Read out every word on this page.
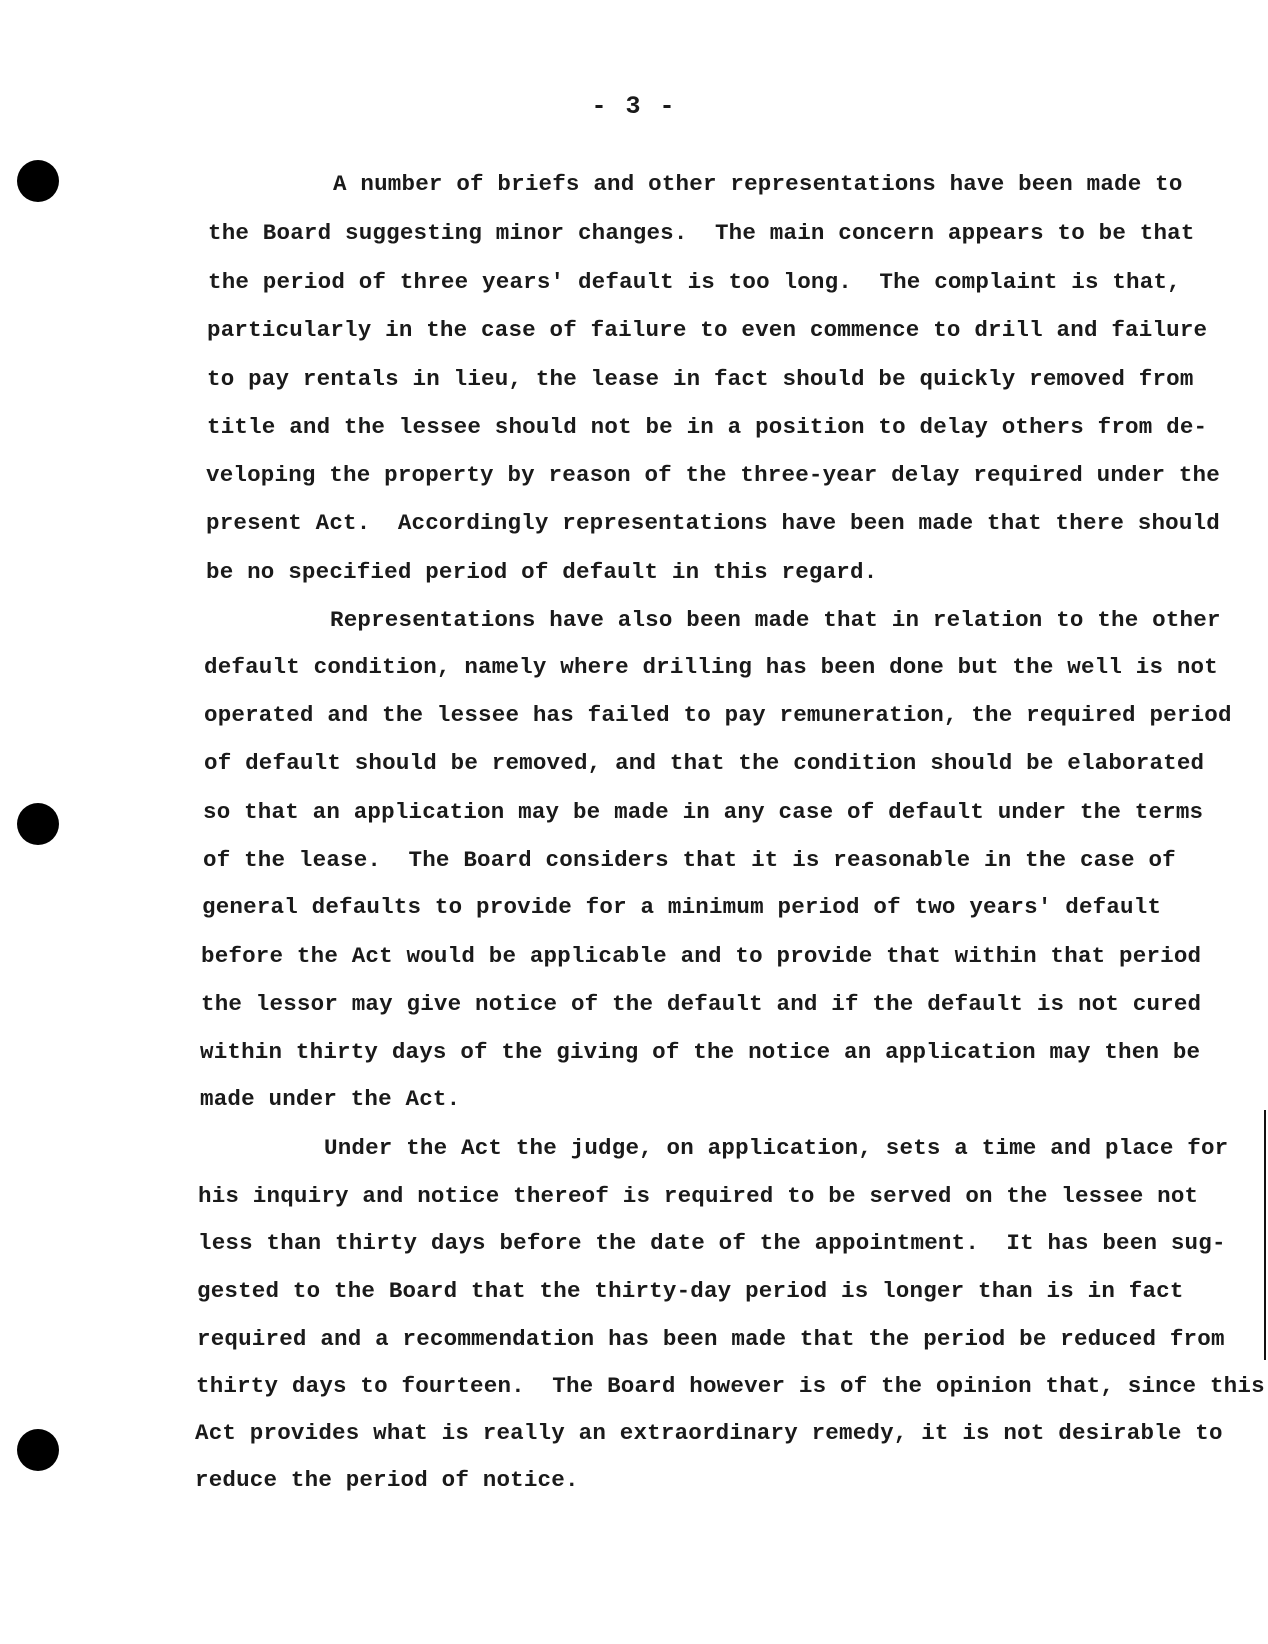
- 3 -
A number of briefs and other representations have been made to
the Board suggesting minor changes.  The main concern appears to be that
the period of three years' default is too long.  The complaint is that,
particularly in the case of failure to even commence to drill and failure
to pay rentals in lieu, the lease in fact should be quickly removed from
title and the lessee should not be in a position to delay others from de-
veloping the property by reason of the three-year delay required under the
present Act.  Accordingly representations have been made that there should
be no specified period of default in this regard.
Representations have also been made that in relation to the other
default condition, namely where drilling has been done but the well is not
operated and the lessee has failed to pay remuneration, the required period
of default should be removed, and that the condition should be elaborated
so that an application may be made in any case of default under the terms
of the lease.  The Board considers that it is reasonable in the case of
general defaults to provide for a minimum period of two years' default
before the Act would be applicable and to provide that within that period
the lessor may give notice of the default and if the default is not cured
within thirty days of the giving of the notice an application may then be
made under the Act.
Under the Act the judge, on application, sets a time and place for
his inquiry and notice thereof is required to be served on the lessee not
less than thirty days before the date of the appointment.  It has been sug-
gested to the Board that the thirty-day period is longer than is in fact
required and a recommendation has been made that the period be reduced from
thirty days to fourteen.  The Board however is of the opinion that, since this
Act provides what is really an extraordinary remedy, it is not desirable to
reduce the period of notice.
